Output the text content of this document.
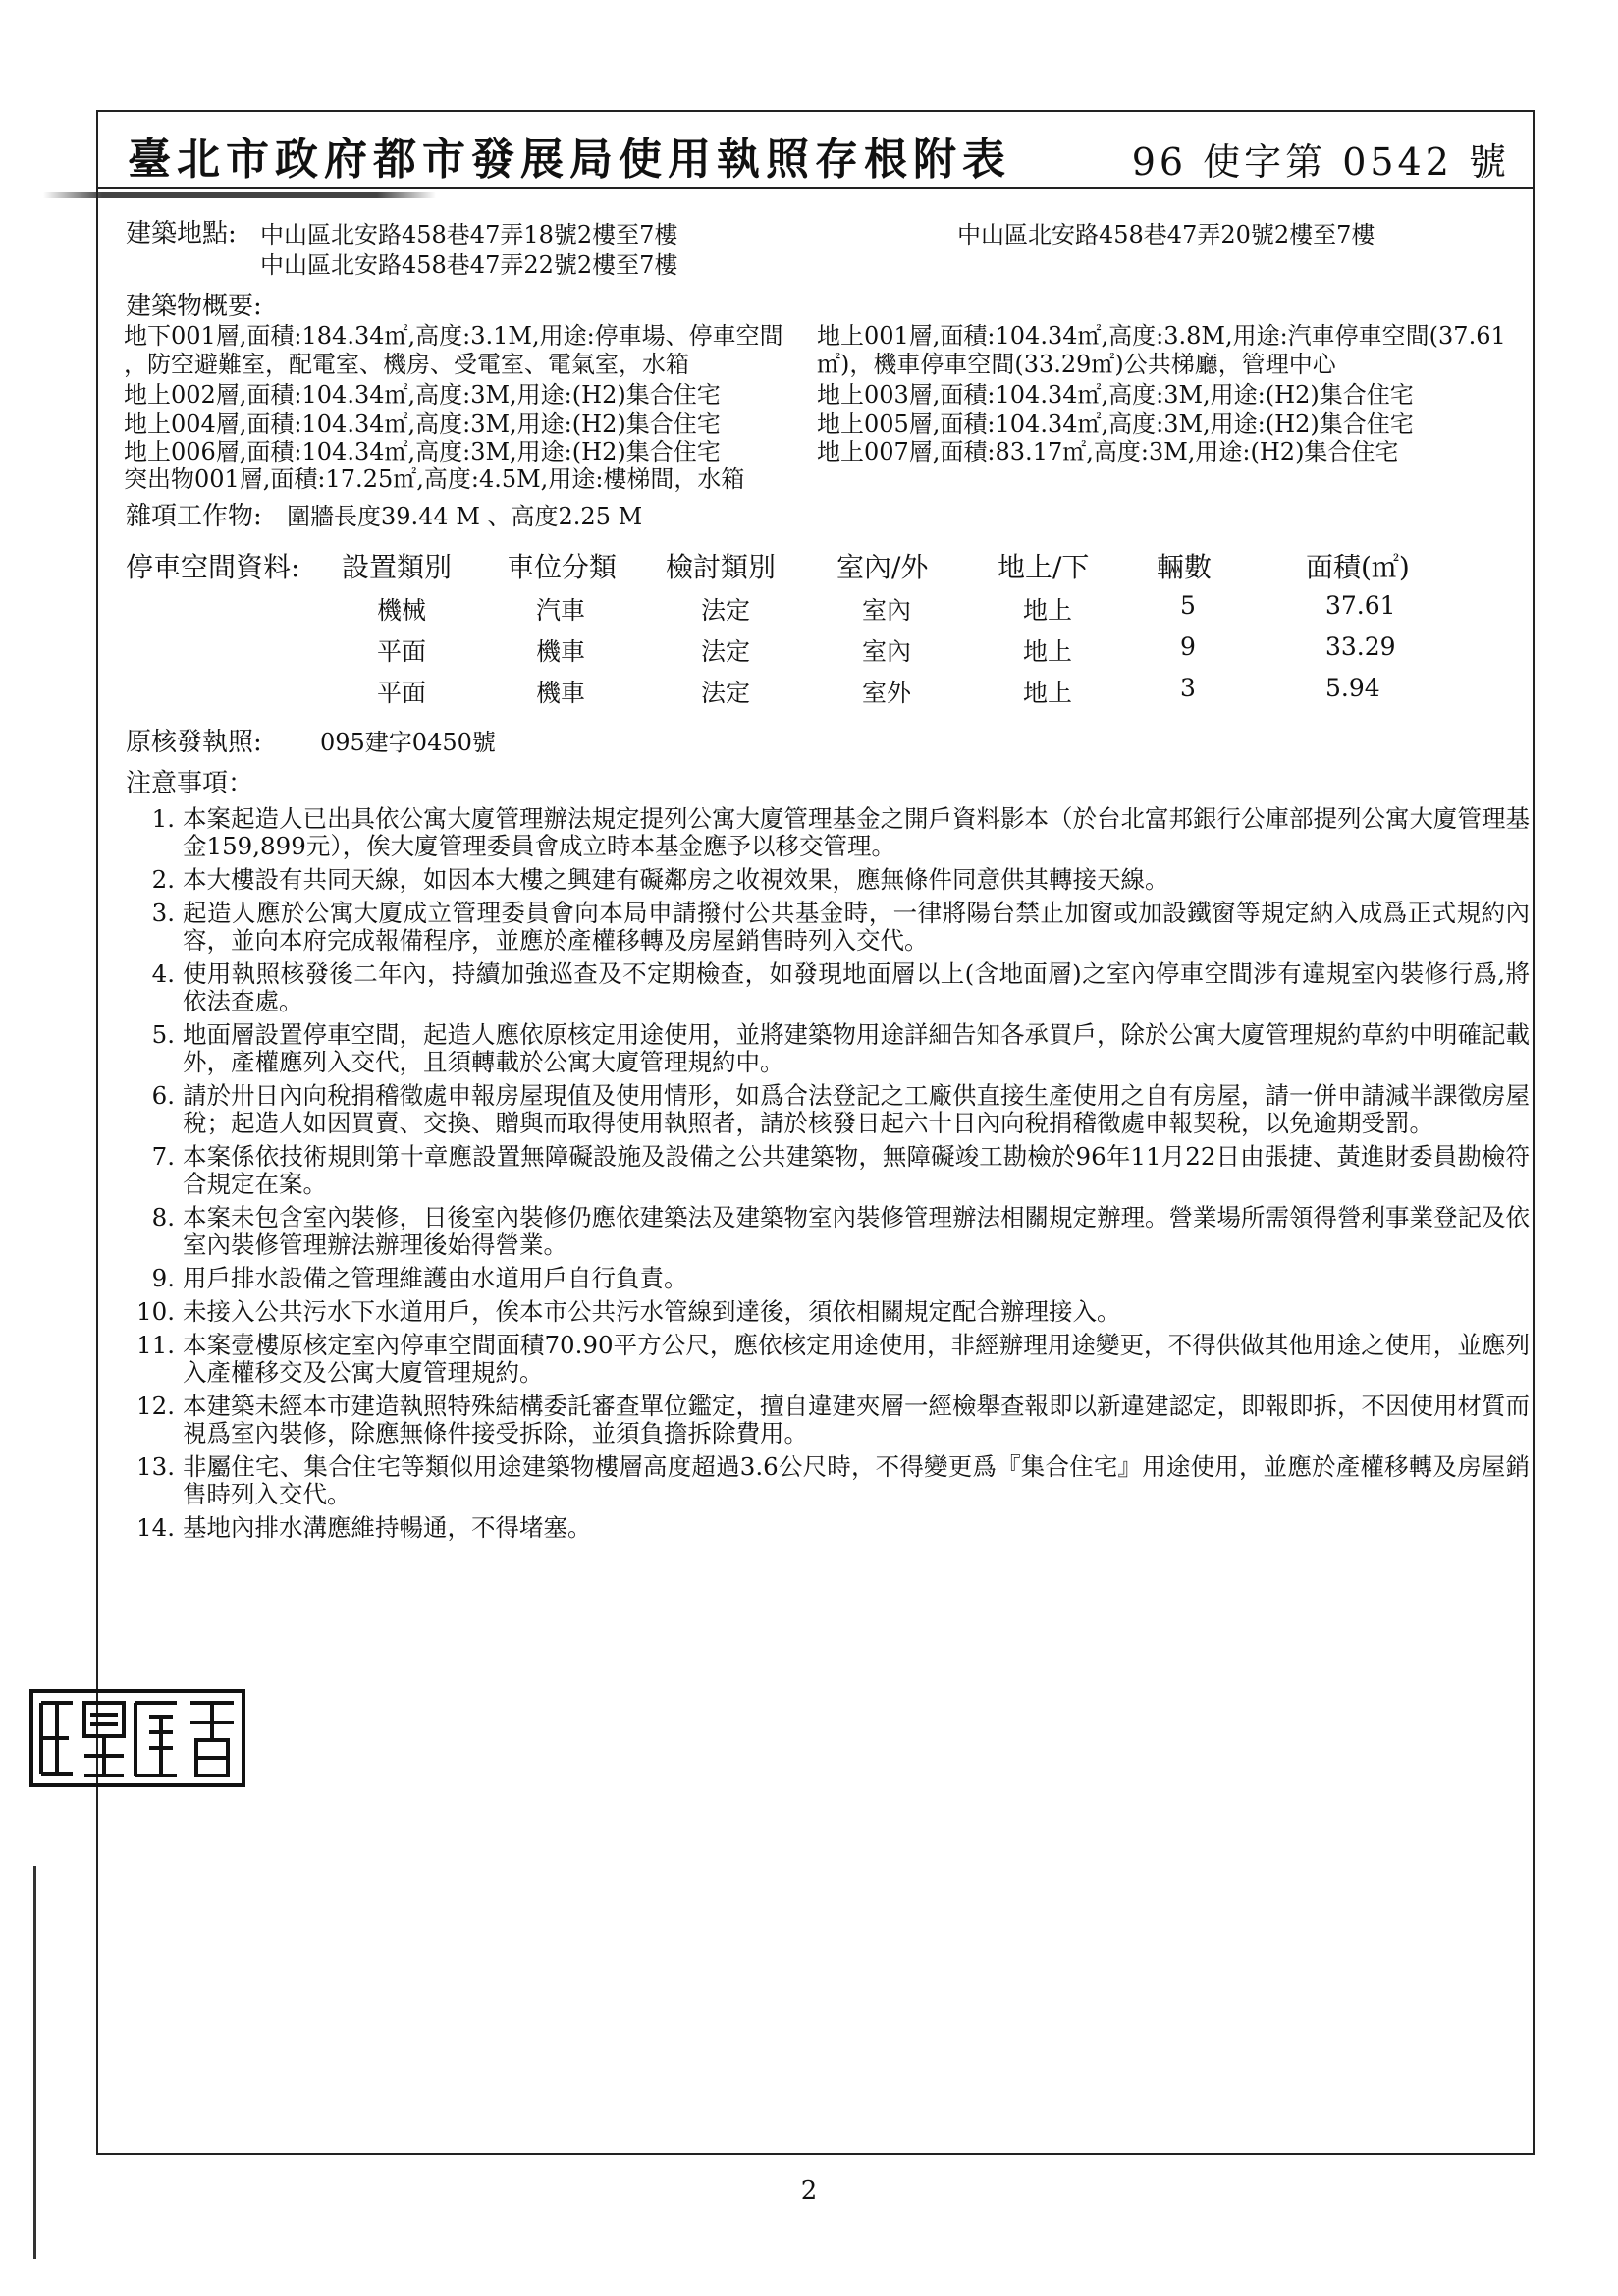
臺北市政府都市發展局使用執照存根附表	96 使字第 0542 號
建築地點: 中山區北安路458巷47弄18號2樓至7樓	中山區北安路458巷47弄20號2樓至7樓
中山區北安路458巷47弄22號2樓至7樓
建築物概要:
地下001層,面積:184.34㎡,高度:3.1M,用途:停車場、停車空間
，防空避難室，配電室、機房、受電室、電氣室，水箱
地上002層,面積:104.34㎡,高度:3M,用途:(H2)集合住宅
地上004層,面積:104.34㎡,高度:3M,用途:(H2)集合住宅
地上006層,面積:104.34㎡,高度:3M,用途:(H2)集合住宅
突出物001層,面積:17.25㎡,高度:4.5M,用途:樓梯間，水箱
地上001層,面積:104.34㎡,高度:3.8M,用途:汽車停車空間(37.61
㎡)，機車停車空間(33.29㎡)公共梯廳，管理中心
地上003層,面積:104.34㎡,高度:3M,用途:(H2)集合住宅
地上005層,面積:104.34㎡,高度:3M,用途:(H2)集合住宅
地上007層,面積:83.17㎡,高度:3M,用途:(H2)集合住宅
雜項工作物: 圍牆長度39.44 M 、高度2.25 M
停車空間資料: 設置類別 車位分類 檢討類別 室內/外	地上/下 輛數	面積(㎡)
機械	汽車	法定	室內	地上	5	37.61
平面	機車	法定	室內	地上	9	33.29
平面	機車	法定	室外	地上	3	5.94
原核發執照: 095建字0450號
注意事項：
1. 本案起造人已出具依公寓大廈管理辦法規定提列公寓大廈管理基金之開戶資料影本（於台北富邦銀行公庫部提列公寓大廈管理基金159,899元），俟大廈管理委員會成立時本基金應予以移交管理。
2. 本大樓設有共同天線，如因本大樓之興建有礙鄰房之收視效果，應無條件同意供其轉接天線。
3. 起造人應於公寓大廈成立管理委員會向本局申請撥付公共基金時，一律將陽台禁止加窗或加設鐵窗等規定納入成爲正式規約內容，並向本府完成報備程序，並應於產權移轉及房屋銷售時列入交代。
4. 使用執照核發後二年內，持續加強巡查及不定期檢查，如發現地面層以上(含地面層)之室內停車空間涉有違規室內裝修行爲,將依法查處。
5. 地面層設置停車空間，起造人應依原核定用途使用，並將建築物用途詳細告知各承買戶，除於公寓大廈管理規約草約中明確記載外，產權應列入交代，且須轉載於公寓大廈管理規約中。
6. 請於卅日內向稅捐稽徵處申報房屋現值及使用情形，如爲合法登記之工廠供直接生產使用之自有房屋，請一併申請減半課徵房屋稅；起造人如因買賣、交換、贈與而取得使用執照者，請於核發日起六十日內向稅捐稽徵處申報契稅，以免逾期受罰。
7. 本案係依技術規則第十章應設置無障礙設施及設備之公共建築物，無障礙竣工勘檢於96年11月22日由張捷、黃進財委員勘檢符合規定在案。
8. 本案未包含室內裝修，日後室內裝修仍應依建築法及建築物室內裝修管理辦法相關規定辦理。營業場所需領得營利事業登記及依室內裝修管理辦法辦理後始得營業。
9. 用戶排水設備之管理維護由水道用戶自行負責。
10. 未接入公共污水下水道用戶，俟本市公共污水管線到達後，須依相關規定配合辦理接入。
11. 本案壹樓原核定室內停車空間面積70.90平方公尺，應依核定用途使用，非經辦理用途變更，不得供做其他用途之使用，並應列入產權移交及公寓大廈管理規約。
12. 本建築未經本市建造執照特殊結構委託審查單位鑑定，擅自違建夾層一經檢舉查報即以新違建認定，即報即拆，不因使用材質而視爲室內裝修，除應無條件接受拆除，並須負擔拆除費用。
13. 非屬住宅、集合住宅等類似用途建築物樓層高度超過3.6公尺時，不得變更爲『集合住宅』用途使用，並應於產權移轉及房屋銷售時列入交代。
14. 基地內排水溝應維持暢通，不得堵塞。
2
